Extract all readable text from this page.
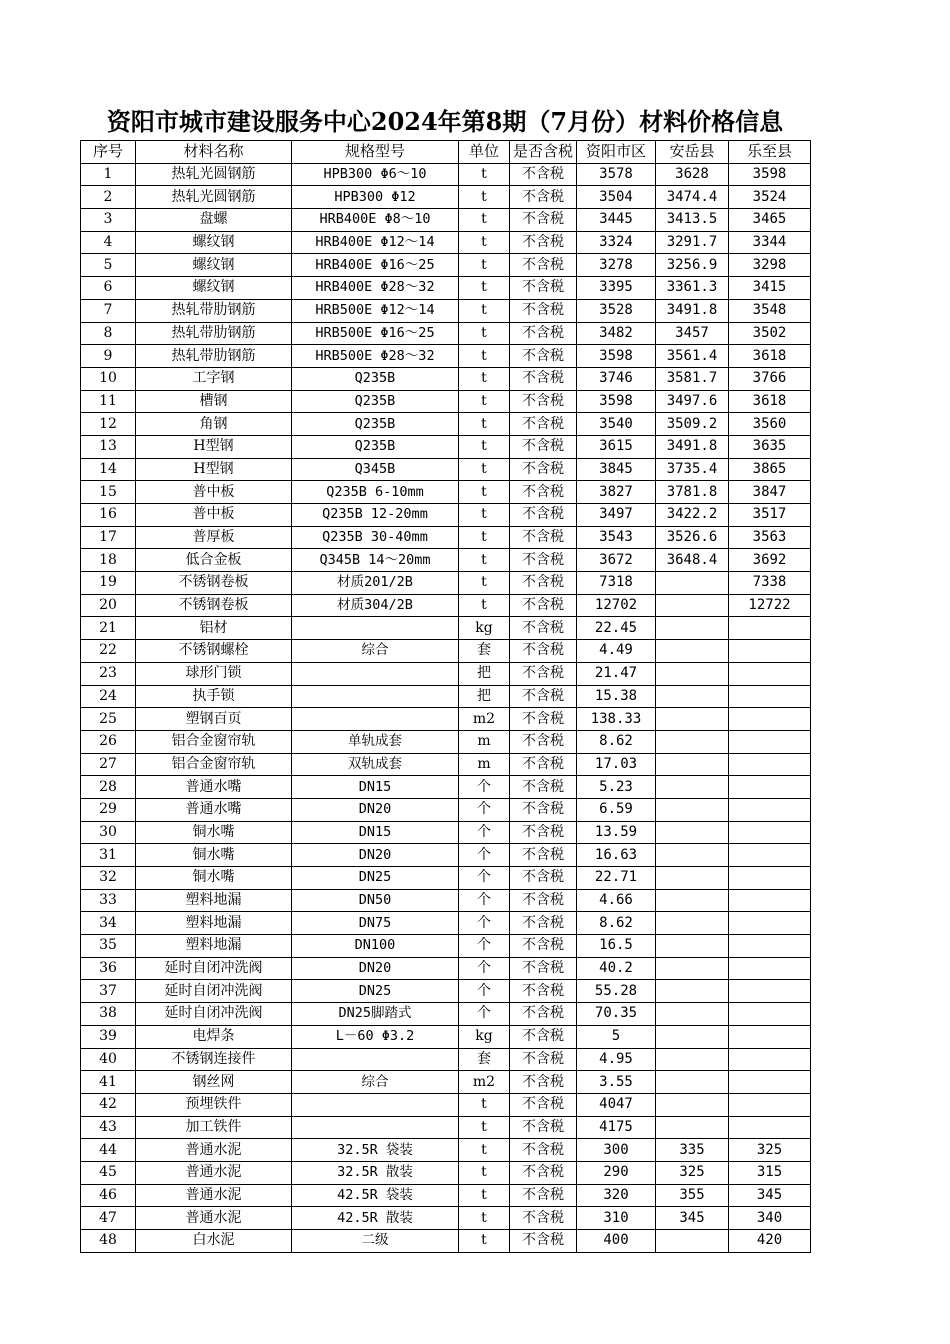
资阳市城市建设服务中心2024年第8期（7月份）材料价格信息
序号	材料名称	规格型号	单位	是否含税	资阳市区	安岳县	乐至县
1	热轧光圆钢筋	HPB300 Φ6～10	t	不含税	3578	3628	3598
2	热轧光圆钢筋	HPB300 Φ12	t	不含税	3504	3474.4	3524
3	盘螺	HRB400E Φ8～10	t	不含税	3445	3413.5	3465
4	螺纹钢	HRB400E Φ12～14	t	不含税	3324	3291.7	3344
5	螺纹钢	HRB400E Φ16～25	t	不含税	3278	3256.9	3298
6	螺纹钢	HRB400E Φ28～32	t	不含税	3395	3361.3	3415
7	热轧带肋钢筋	HRB500E Φ12～14	t	不含税	3528	3491.8	3548
8	热轧带肋钢筋	HRB500E Φ16～25	t	不含税	3482	3457	3502
9	热轧带肋钢筋	HRB500E Φ28～32	t	不含税	3598	3561.4	3618
10	工字钢	Q235B	t	不含税	3746	3581.7	3766
11	槽钢	Q235B	t	不含税	3598	3497.6	3618
12	角钢	Q235B	t	不含税	3540	3509.2	3560
13	H型钢	Q235B	t	不含税	3615	3491.8	3635
14	H型钢	Q345B	t	不含税	3845	3735.4	3865
15	普中板	Q235B 6-10mm	t	不含税	3827	3781.8	3847
16	普中板	Q235B 12-20mm	t	不含税	3497	3422.2	3517
17	普厚板	Q235B 30-40mm	t	不含税	3543	3526.6	3563
18	低合金板	Q345B 14～20mm	t	不含税	3672	3648.4	3692
19	不锈钢卷板	材质201/2B	t	不含税	7318		7338
20	不锈钢卷板	材质304/2B	t	不含税	12702		12722
21	铝材		kg	不含税	22.45		
22	不锈钢螺栓	综合	套	不含税	4.49		
23	球形门锁		把	不含税	21.47		
24	执手锁		把	不含税	15.38		
25	塑钢百页		m2	不含税	138.33		
26	铝合金窗帘轨	单轨成套	m	不含税	8.62		
27	铝合金窗帘轨	双轨成套	m	不含税	17.03		
28	普通水嘴	DN15	个	不含税	5.23		
29	普通水嘴	DN20	个	不含税	6.59		
30	铜水嘴	DN15	个	不含税	13.59		
31	铜水嘴	DN20	个	不含税	16.63		
32	铜水嘴	DN25	个	不含税	22.71		
33	塑料地漏	DN50	个	不含税	4.66		
34	塑料地漏	DN75	个	不含税	8.62		
35	塑料地漏	DN100	个	不含税	16.5		
36	延时自闭冲洗阀	DN20	个	不含税	40.2		
37	延时自闭冲洗阀	DN25	个	不含税	55.28		
38	延时自闭冲洗阀	DN25脚踏式	个	不含税	70.35		
39	电焊条	L－60 Φ3.2	kg	不含税	5		
40	不锈钢连接件		套	不含税	4.95		
41	钢丝网	综合	m2	不含税	3.55		
42	预埋铁件		t	不含税	4047		
43	加工铁件		t	不含税	4175		
44	普通水泥	32.5R 袋装	t	不含税	300	335	325
45	普通水泥	32.5R 散装	t	不含税	290	325	315
46	普通水泥	42.5R 袋装	t	不含税	320	355	345
47	普通水泥	42.5R 散装	t	不含税	310	345	340
48	白水泥	二级	t	不含税	400		420
